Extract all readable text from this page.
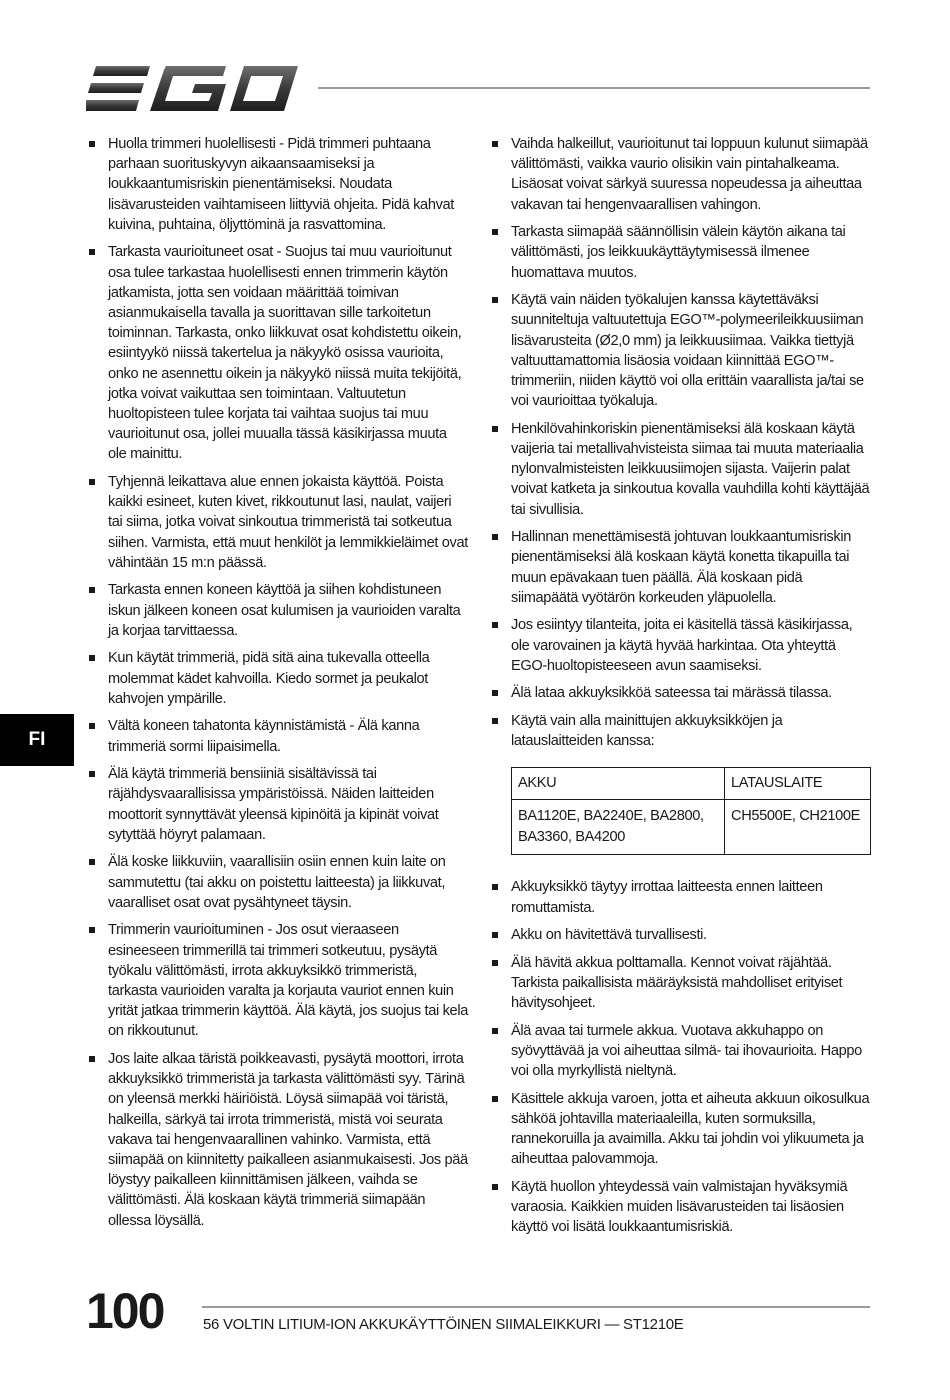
FI
Huolla trimmeri huolellisesti - Pidä trimmeri puhtaana parhaan suorituskyvyn aikaansaamiseksi ja loukkaantumisriskin pienentämiseksi. Noudata lisävarusteiden vaihtamiseen liittyviä ohjeita. Pidä kahvat kuivina, puhtaina, öljyttöminä ja rasvattomina.
Tarkasta vaurioituneet osat - Suojus tai muu vaurioitunut osa tulee tarkastaa huolellisesti ennen trimmerin käytön jatkamista, jotta sen voidaan määrittää toimivan asianmukaisella tavalla ja suorittavan sille tarkoitetun toiminnan. Tarkasta, onko liikkuvat osat kohdistettu oikein, esiintyykö niissä takertelua ja näkyykö osissa vaurioita, onko ne asennettu oikein ja näkyykö niissä muita tekijöitä, jotka voivat vaikuttaa sen toimintaan. Valtuutetun huoltopisteen tulee korjata tai vaihtaa suojus tai muu vaurioitunut osa, jollei muualla tässä käsikirjassa muuta ole mainittu.
Tyhjennä leikattava alue ennen jokaista käyttöä. Poista kaikki esineet, kuten kivet, rikkoutunut lasi, naulat, vaijeri tai siima, jotka voivat sinkoutua trimmeristä tai sotkeutua siihen. Varmista, että muut henkilöt ja lemmikkieläimet ovat vähintään 15 m:n päässä.
Tarkasta ennen koneen käyttöä ja siihen kohdistuneen iskun jälkeen koneen osat kulumisen ja vaurioiden varalta ja korjaa tarvittaessa.
Kun käytät trimmeriä, pidä sitä aina tukevalla otteella molemmat kädet kahvoilla. Kiedo sormet ja peukalot kahvojen ympärille.
Vältä koneen tahatonta käynnistämistä - Älä kanna trimmeriä sormi liipaisimella.
Älä käytä trimmeriä bensiiniä sisältävissä tai räjähdysvaarallisissa ympäristöissä. Näiden laitteiden moottorit synnyttävät yleensä kipinöitä ja kipinät voivat sytyttää höyryt palamaan.
Älä koske liikkuviin, vaarallisiin osiin ennen kuin laite on sammutettu (tai akku on poistettu laitteesta) ja liikkuvat, vaaralliset osat ovat pysähtyneet täysin.
Trimmerin vaurioituminen - Jos osut vieraaseen esineeseen trimmerillä tai trimmeri sotkeutuu, pysäytä työkalu välittömästi, irrota akkuyksikkö trimmeristä, tarkasta vaurioiden varalta ja korjauta vauriot ennen kuin yrität jatkaa trimmerin käyttöä. Älä käytä, jos suojus tai kela on rikkoutunut.
Jos laite alkaa täristä poikkeavasti, pysäytä moottori, irrota akkuyksikkö trimmeristä ja tarkasta välittömästi syy. Tärinä on yleensä merkki häiriöistä. Löysä siimapää voi täristä, halkeilla, särkyä tai irrota trimmeristä, mistä voi seurata vakava tai hengenvaarallinen vahinko. Varmista, että siimapää on kiinnitetty paikalleen asianmukaisesti. Jos pää löystyy paikalleen kiinnittämisen jälkeen, vaihda se välittömästi. Älä koskaan käytä trimmeriä siimapään ollessa löysällä.
Vaihda halkeillut, vaurioitunut tai loppuun kulunut siimapää välittömästi, vaikka vaurio olisikin vain pintahalkeama. Lisäosat voivat särkyä suuressa nopeudessa ja aiheuttaa vakavan tai hengenvaarallisen vahingon.
Tarkasta siimapää säännöllisin välein käytön aikana tai välittömästi, jos leikkuukäyttäytymisessä ilmenee huomattava muutos.
Käytä vain näiden työkalujen kanssa käytettäväksi suunniteltuja valtuutettuja EGO™-polymeerileikkuusiiman lisävarusteita (Ø2,0 mm) ja leikkuusiimaa. Vaikka tiettyjä valtuuttamattomia lisäosia voidaan kiinnittää EGO™-trimmeriin, niiden käyttö voi olla erittäin vaarallista ja/tai se voi vaurioittaa työkaluja.
Henkilövahinkoriskin pienentämiseksi älä koskaan käytä vaijeria tai metallivahvisteista siimaa tai muuta materiaalia nylonvalmisteisten leikkuusiimojen sijasta. Vaijerin palat voivat katketa ja sinkoutua kovalla vauhdilla kohti käyttäjää tai sivullisia.
Hallinnan menettämisestä johtuvan loukkaantumisriskin pienentämiseksi älä koskaan käytä konetta tikapuilla tai muun epävakaan tuen päällä. Älä koskaan pidä siimapäätä vyötärön korkeuden yläpuolella.
Jos esiintyy tilanteita, joita ei käsitellä tässä käsikirjassa, ole varovainen ja käytä hyvää harkintaa. Ota yhteyttä EGO-huoltopisteeseen avun saamiseksi.
Älä lataa akkuyksikköä sateessa tai märässä tilassa.
Käytä vain alla mainittujen akkuyksikköjen ja latauslaitteiden kanssa:
AKKU	LATAUSLAITE
BA1120E, BA2240E, BA2800, BA3360, BA4200	CH5500E, CH2100E
Akkuyksikkö täytyy irrottaa laitteesta ennen laitteen romuttamista.
Akku on hävitettävä turvallisesti.
Älä hävitä akkua polttamalla. Kennot voivat räjähtää. Tarkista paikallisista määräyksistä mahdolliset erityiset hävitysohjeet.
Älä avaa tai turmele akkua. Vuotava akkuhappo on syövyttävää ja voi aiheuttaa silmä- tai ihovaurioita. Happo voi olla myrkyllistä nieltynä.
Käsittele akkuja varoen, jotta et aiheuta akkuun oikosulkua sähköä johtavilla materiaaleilla, kuten sormuksilla, rannekoruilla ja avaimilla. Akku tai johdin voi ylikuumeta ja aiheuttaa palovammoja.
Käytä huollon yhteydessä vain valmistajan hyväksymiä varaosia. Kaikkien muiden lisävarusteiden tai lisäosien käyttö voi lisätä loukkaantumisriskiä.
100	56 VOLTIN LITIUM-ION AKKUKÄYTTÖINEN SIIMALEIKKURI — ST1210E
